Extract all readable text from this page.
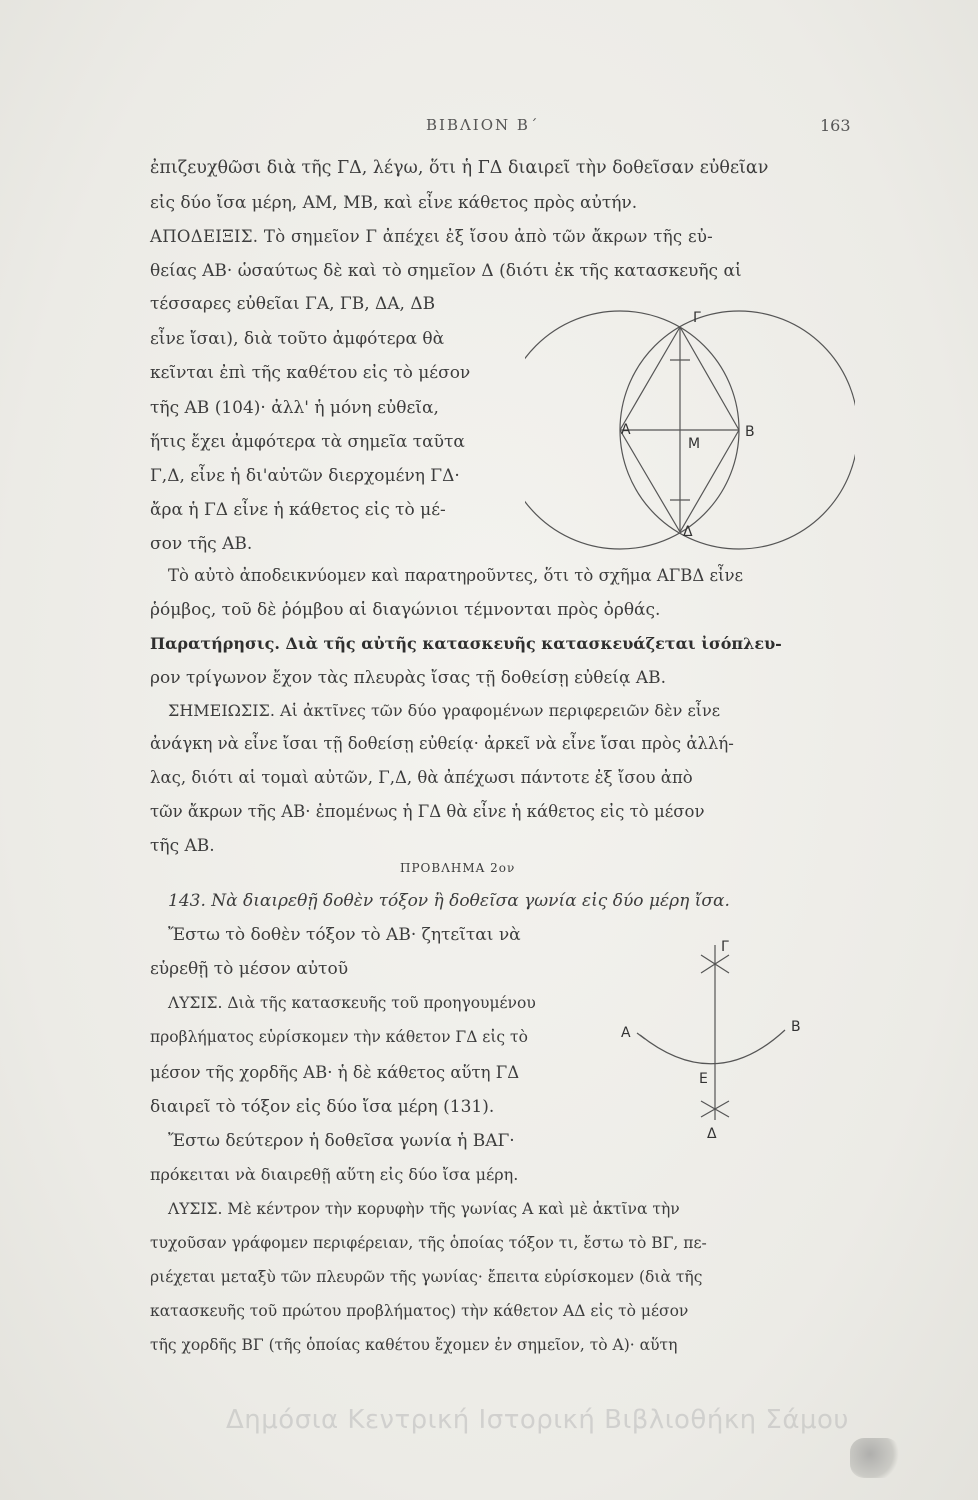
ΒΙΒΛΙΟΝ Β΄	163
ἐπιζευχθῶσι διὰ τῆς ΓΔ, λέγω, ὅτι ἡ ΓΔ διαιρεῖ τὴν δοθεῖσαν εὐθεῖαν
εἰς δύο ἴσα μέρη, ΑΜ, ΜΒ, καὶ εἶνε κάθετος πρὸς αὐτήν.
ΑΠΟΔΕΙΞΙΣ. Τὸ σημεῖον Γ ἀπέχει ἐξ ἴσου ἀπὸ τῶν ἄκρων τῆς εὐ-
θείας ΑΒ· ὡσαύτως δὲ καὶ τὸ σημεῖον Δ (διότι ἐκ τῆς κατασκευῆς αἱ
τέσσαρες εὐθεῖαι ΓΑ, ΓΒ, ΔΑ, ΔΒ
εἶνε ἴσαι), διὰ τοῦτο ἀμφότερα θὰ
κεῖνται ἐπὶ τῆς καθέτου εἰς τὸ μέσον
τῆς ΑΒ (104)· ἀλλ' ἡ μόνη εὐθεῖα,
ἥτις ἔχει ἀμφότερα τὰ σημεῖα ταῦτα
Γ,Δ, εἶνε ἡ δι'αὐτῶν διερχομένη ΓΔ·
ἄρα ἡ ΓΔ εἶνε ἡ κάθετος εἰς τὸ μέ-
σον τῆς ΑΒ.
Τὸ αὐτὸ ἀποδεικνύομεν καὶ παρατηροῦντες, ὅτι τὸ σχῆμα ΑΓΒΔ εἶνε
ῥόμβος, τοῦ δὲ ῥόμβου αἱ διαγώνιοι τέμνονται πρὸς ὀρθάς.
Παρατήρησις. Διὰ τῆς αὐτῆς κατασκευῆς κατασκευάζεται ἰσόπλευ-
ρον τρίγωνον ἔχον τὰς πλευρὰς ἴσας τῇ δοθείσῃ εὐθείᾳ ΑΒ.
ΣΗΜΕΙΩΣΙΣ. Αἱ ἀκτῖνες τῶν δύο γραφομένων περιφερειῶν δὲν εἶνε
ἀνάγκη νὰ εἶνε ἴσαι τῇ δοθείσῃ εὐθείᾳ· ἀρκεῖ νὰ εἶνε ἴσαι πρὸς ἀλλή-
λας, διότι αἱ τομαὶ αὐτῶν, Γ,Δ, θὰ ἀπέχωσι πάντοτε ἐξ ἴσου ἀπὸ
τῶν ἄκρων τῆς ΑΒ· ἐπομένως ἡ ΓΔ θὰ εἶνε ἡ κάθετος εἰς τὸ μέσον
τῆς ΑΒ.
ΠΡΟΒΛΗΜΑ 2ον
143. Νὰ διαιρεθῇ δοθὲν τόξον ἢ δοθεῖσα γωνία εἰς δύο μέρη ἴσα.
Ἔστω τὸ δοθὲν τόξον τὸ ΑΒ· ζητεῖται νὰ
εὑρεθῇ τὸ μέσον αὐτοῦ
ΛΥΣΙΣ. Διὰ τῆς κατασκευῆς τοῦ προηγουμένου
προβλήματος εὑρίσκομεν τὴν κάθετον ΓΔ εἰς τὸ
μέσον τῆς χορδῆς ΑΒ· ἡ δὲ κάθετος αὕτη ΓΔ
διαιρεῖ τὸ τόξον εἰς δύο ἴσα μέρη (131).
Ἔστω δεύτερον ἡ δοθεῖσα γωνία ἡ ΒΑΓ·
πρόκειται νὰ διαιρεθῇ αὕτη εἰς δύο ἴσα μέρη.
ΛΥΣΙΣ. Μὲ κέντρον τὴν κορυφὴν τῆς γωνίας Α καὶ μὲ ἀκτῖνα τὴν
τυχοῦσαν γράφομεν περιφέρειαν, τῆς ὁποίας τόξον τι, ἔστω τὸ ΒΓ, πε-
ριέχεται μεταξὺ τῶν πλευρῶν τῆς γωνίας· ἔπειτα εὑρίσκομεν (διὰ τῆς
κατασκευῆς τοῦ πρώτου προβλήματος) τὴν κάθετον ΑΔ εἰς τὸ μέσον
τῆς χορδῆς ΒΓ (τῆς ὁποίας καθέτου ἔχομεν ἐν σημεῖον, τὸ Α)· αὕτη
Γ
Α
Μ
Β
Δ
Γ
Α	Β
Ε
Δ
Δημόσια Κεντρική Ιστορική Βιβλιοθήκη Σάμου
